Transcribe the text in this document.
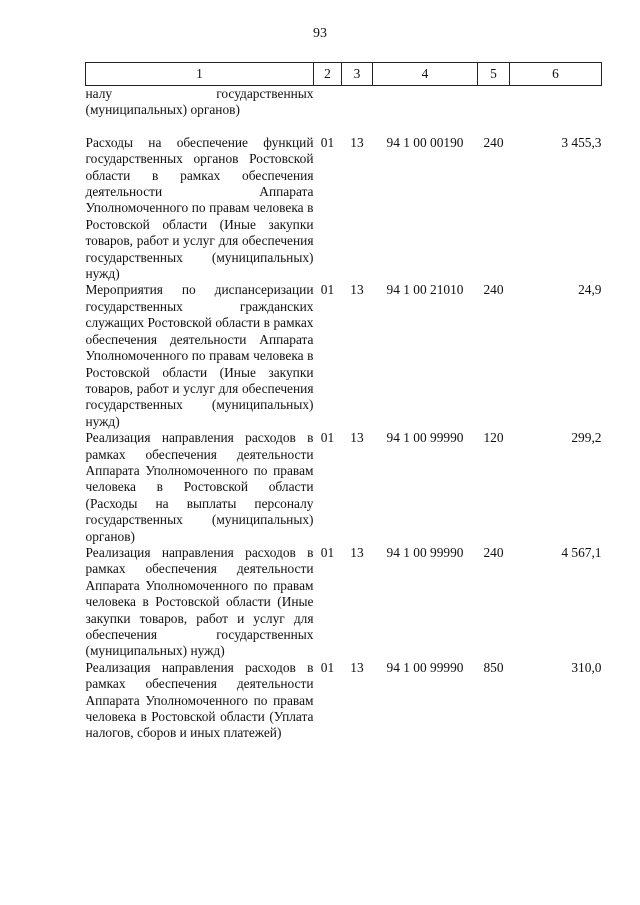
93
1	2	3	4	5	6
налу государственных (муниципальных) органов)					
Расходы на обеспечение функций государственных органов Ростовской области в рамках обеспечения деятельности Аппарата Уполномоченного по правам человека в Ростовской области (Иные закупки товаров, работ и услуг для обеспечения государственных (муниципальных) нужд)	01	13	94 1 00 00190	240	3 455,3
Мероприятия по диспансеризации государственных гражданских служащих Ростовской области в рамках обеспечения деятельности Аппарата Уполномоченного по правам человека в Ростовской области (Иные закупки товаров, работ и услуг для обеспечения государственных (муниципальных) нужд)	01	13	94 1 00 21010	240	24,9
Реализация направления расходов в рамках обеспечения деятельности Аппарата Уполномоченного по правам человека в Ростовской области (Расходы на выплаты персоналу государственных (муниципальных) органов)	01	13	94 1 00 99990	120	299,2
Реализация направления расходов в рамках обеспечения деятельности Аппарата Уполномоченного по правам человека в Ростовской области (Иные закупки товаров, работ и услуг для обеспечения государственных (муниципальных) нужд)	01	13	94 1 00 99990	240	4 567,1
Реализация направления расходов в рамках обеспечения деятельности Аппарата Уполномоченного по правам человека в Ростовской области (Уплата налогов, сборов и иных платежей)	01	13	94 1 00 99990	850	310,0
